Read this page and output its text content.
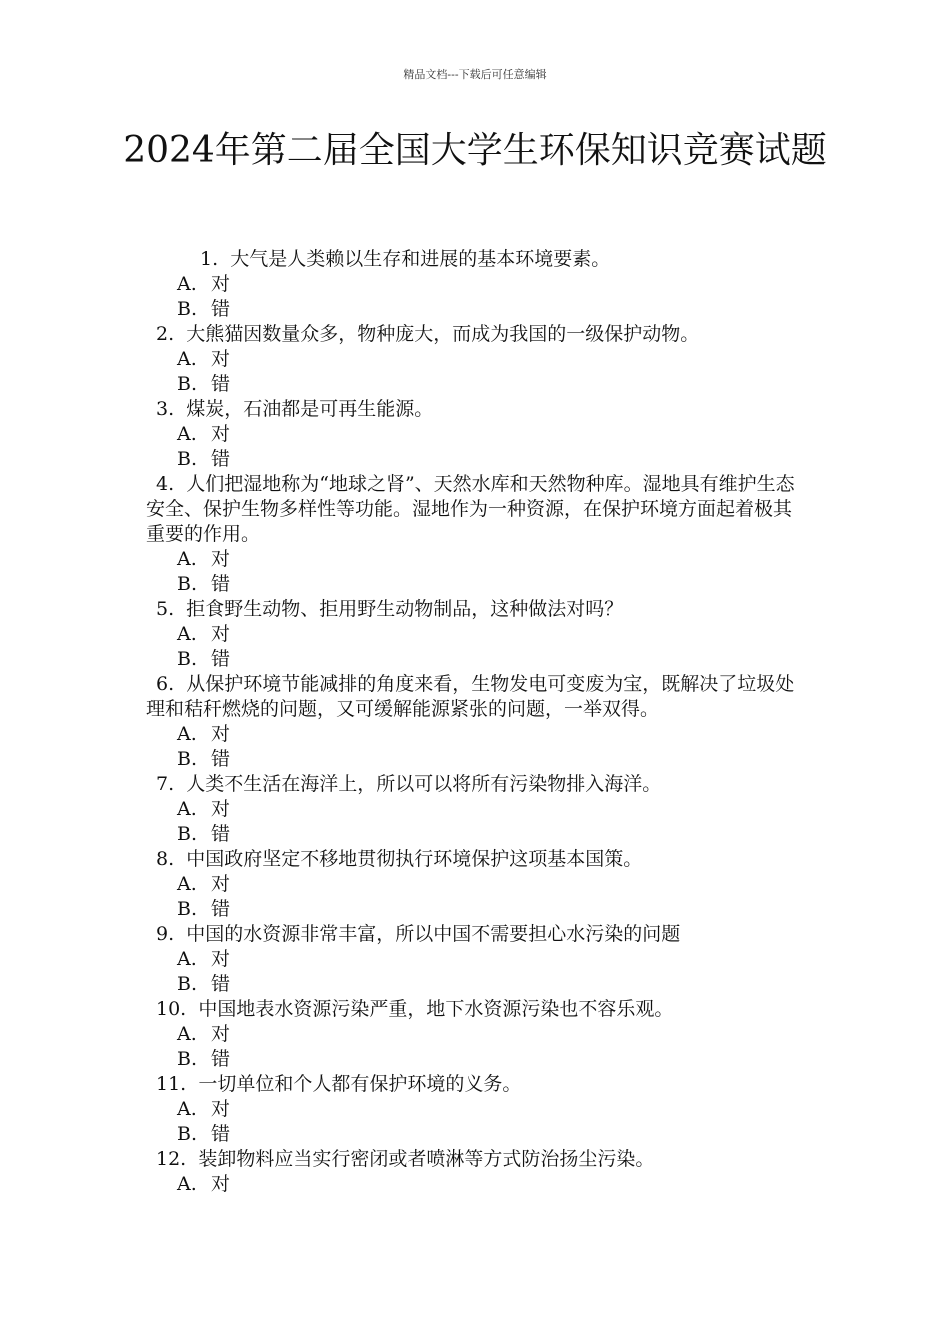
精品文档---下载后可任意编辑
2024年第二届全国大学生环保知识竞赛试题

1. 大气是人类赖以生存和进展的基本环境要素。

A. 对
B. 错

2. 大熊猫因数量众多，物种庞大，而成为我国的一级保护动物。

A. 对
B. 错

3. 煤炭，石油都是可再生能源。

A. 对
B. 错

4. 人们把湿地称为“地球之肾”、天然水库和天然物种库。湿地具有维护生态安全、保护生物多样性等功能。湿地作为一种资源，在保护环境方面起着极其重要的作用。

A. 对
B. 错

5. 拒食野生动物、拒用野生动物制品，这种做法对吗？

A. 对
B. 错

6. 从保护环境节能减排的角度来看，生物发电可变废为宝，既解决了垃圾处理和秸秆燃烧的问题，又可缓解能源紧张的问题，一举双得。

A. 对
B. 错

7. 人类不生活在海洋上，所以可以将所有污染物排入海洋。

A. 对
B. 错

8. 中国政府坚定不移地贯彻执行环境保护这项基本国策。

A. 对
B. 错

9. 中国的水资源非常丰富，所以中国不需要担心水污染的问题

A. 对
B. 错

10. 中国地表水资源污染严重，地下水资源污染也不容乐观。

A. 对
B. 错

11. 一切单位和个人都有保护环境的义务。

A. 对
B. 错

12. 装卸物料应当实行密闭或者喷淋等方式防治扬尘污染。

A. 对
